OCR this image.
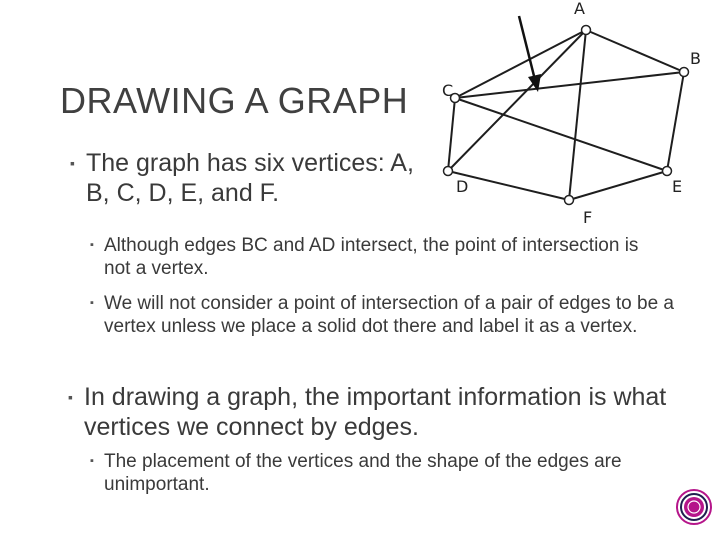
DRAWING A GRAPH
A
B
C
D	E
F
▪ The graph has six vertices: A, B, C, D, E, and F.
▪ Although edges BC and AD intersect, the point of intersection is not a vertex.
▪ We will not consider a point of intersection of a pair of edges to be a vertex unless we place a solid dot there and label it as a vertex.
▪ In drawing a graph, the important information is what vertices we connect by edges.
▪ The placement of the vertices and the shape of the edges are unimportant.
